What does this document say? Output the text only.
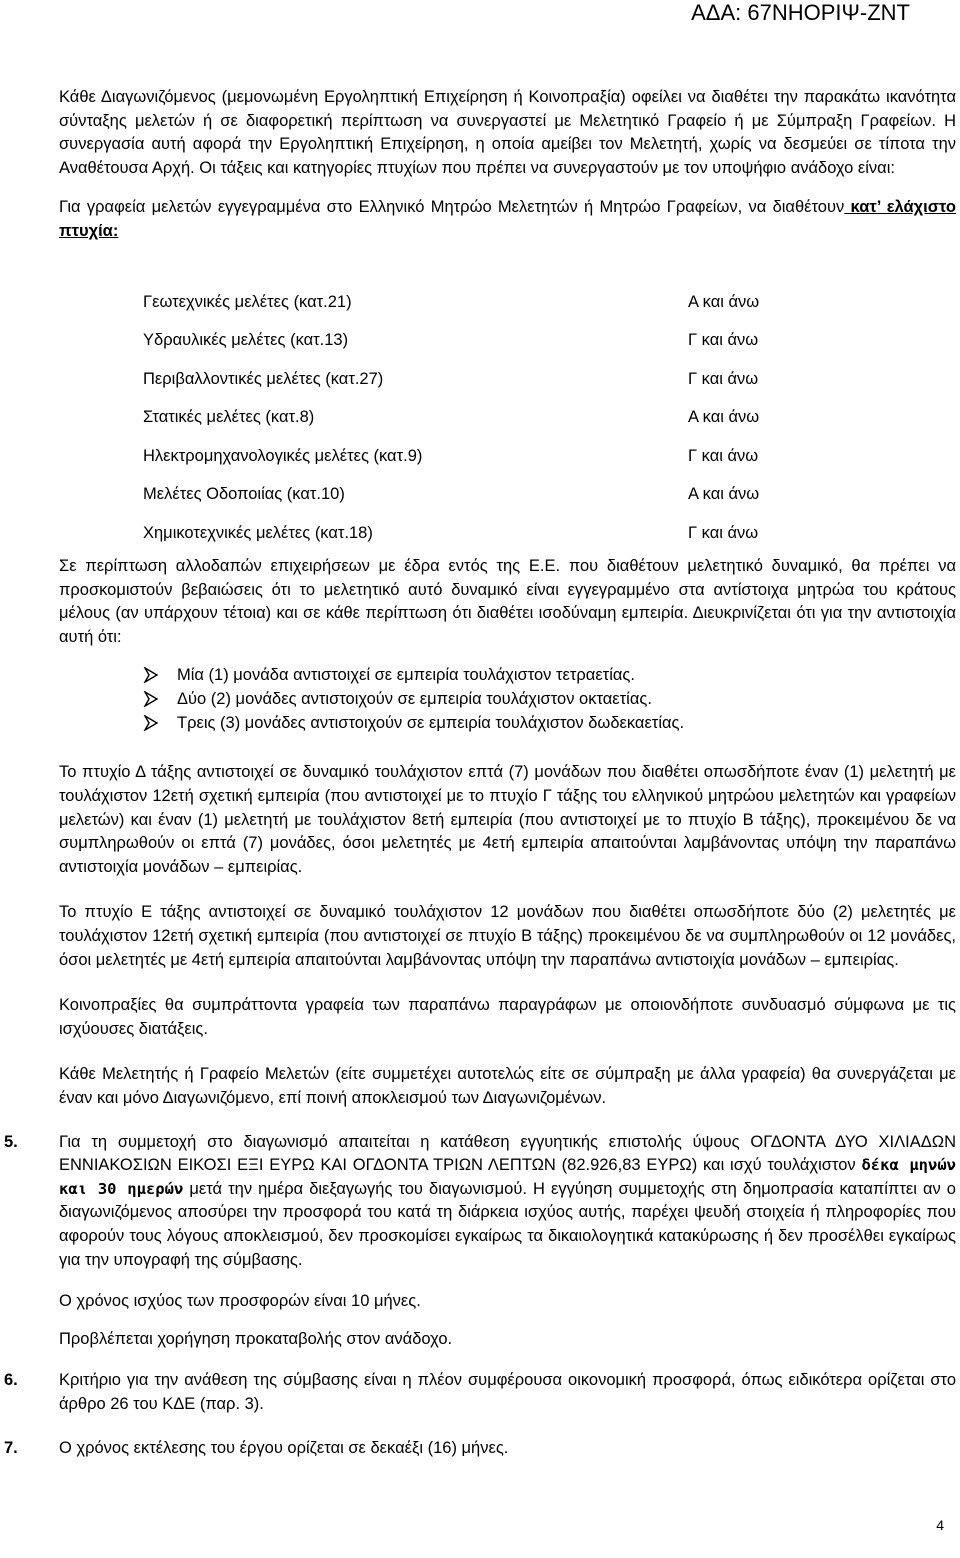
ΑΔΑ: 67ΝΗΟΡΙΨ-ΖΝΤ

Κάθε Διαγωνιζόμενος (μεμονωμένη Εργοληπτική Επιχείρηση ή Κοινοπραξία) οφείλει να διαθέτει την παρακάτω ικανότητα σύνταξης μελετών ή σε διαφορετική περίπτωση να συνεργαστεί με Μελετητικό Γραφείο ή με Σύμπραξη Γραφείων. Η συνεργασία αυτή αφορά την Εργοληπτική Επιχείρηση, η οποία αμείβει τον Μελετητή, χωρίς να δεσμεύει σε τίποτα την Αναθέτουσα Αρχή. Οι τάξεις και κατηγορίες πτυχίων που πρέπει να συνεργαστούν με τον υποψήφιο ανάδοχο είναι:

Για γραφεία μελετών εγγεγραμμένα στο Ελληνικό Μητρώο Μελετητών ή Μητρώο Γραφείων, να διαθέτουν κατ’ ελάχιστο πτυχία:

Γεωτεχνικές μελέτες (κατ.21)	Α και άνω
Υδραυλικές μελέτες (κατ.13)	Γ και άνω
Περιβαλλοντικές μελέτες (κατ.27)	Γ και άνω
Στατικές μελέτες (κατ.8)	Α και άνω
Ηλεκτρομηχανολογικές μελέτες (κατ.9)	Γ και άνω
Μελέτες Οδοποιίας (κατ.10)	Α και άνω
Χημικοτεχνικές μελέτες (κατ.18)	Γ και άνω

Σε περίπτωση αλλοδαπών επιχειρήσεων με έδρα εντός της Ε.Ε. που διαθέτουν μελετητικό δυναμικό, θα πρέπει να προσκομιστούν βεβαιώσεις ότι το μελετητικό αυτό δυναμικό είναι εγγεγραμμένο στα αντίστοιχα μητρώα του κράτους μέλους (αν υπάρχουν τέτοια) και σε κάθε περίπτωση ότι διαθέτει ισοδύναμη εμπειρία. Διευκρινίζεται ότι για την αντιστοιχία αυτή ότι:

Μία (1) μονάδα αντιστοιχεί σε εμπειρία τουλάχιστον τετραετίας.
Δύο (2) μονάδες αντιστοιχούν σε εμπειρία τουλάχιστον οκταετίας.
Τρεις (3) μονάδες αντιστοιχούν σε εμπειρία τουλάχιστον δωδεκαετίας.

Το πτυχίο Δ τάξης αντιστοιχεί σε δυναμικό τουλάχιστον επτά (7) μονάδων που διαθέτει οπωσδήποτε έναν (1) μελετητή με τουλάχιστον 12ετή σχετική εμπειρία (που αντιστοιχεί με το πτυχίο Γ τάξης του ελληνικού μητρώου μελετητών και γραφείων μελετών) και έναν (1) μελετητή με τουλάχιστον 8ετή εμπειρία (που αντιστοιχεί με το πτυχίο Β τάξης), προκειμένου δε να συμπληρωθούν οι επτά (7) μονάδες, όσοι μελετητές με 4ετή εμπειρία απαιτούνται λαμβάνοντας υπόψη την παραπάνω αντιστοιχία μονάδων – εμπειρίας.

Το πτυχίο Ε τάξης αντιστοιχεί σε δυναμικό τουλάχιστον 12 μονάδων που διαθέτει οπωσδήποτε δύο (2) μελετητές με τουλάχιστον 12ετή σχετική εμπειρία (που αντιστοιχεί σε πτυχίο Β τάξης) προκειμένου δε να συμπληρωθούν οι 12 μονάδες, όσοι μελετητές με 4ετή εμπειρία απαιτούνται λαμβάνοντας υπόψη την παραπάνω αντιστοιχία μονάδων – εμπειρίας.

Κοινοπραξίες θα συμπράττοντα γραφεία των παραπάνω παραγράφων με οποιονδήποτε συνδυασμό σύμφωνα με τις ισχύουσες διατάξεις.

Κάθε Μελετητής ή Γραφείο Μελετών (είτε συμμετέχει αυτοτελώς είτε σε σύμπραξη με άλλα γραφεία) θα συνεργάζεται με έναν και μόνο Διαγωνιζόμενο, επί ποινή αποκλεισμού των Διαγωνιζομένων.

5.	Για τη συμμετοχή στο διαγωνισμό απαιτείται η κατάθεση εγγυητικής επιστολής ύψους ΟΓΔΟΝΤΑ ΔΥΟ ΧΙΛΙΑΔΩΝ ΕΝΝΙΑΚΟΣΙΩΝ ΕΙΚΟΣΙ ΕΞΙ ΕΥΡΩ ΚΑΙ ΟΓΔΟΝΤΑ ΤΡΙΩΝ ΛΕΠΤΩΝ (82.926,83 ΕΥΡΩ) και ισχύ τουλάχιστον δέκα μηνών και 30 ημερών μετά την ημέρα διεξαγωγής του διαγωνισμού. Η εγγύηση συμμετοχής στη δημοπρασία καταπίπτει αν ο διαγωνιζόμενος αποσύρει την προσφορά του κατά τη διάρκεια ισχύος αυτής, παρέχει ψευδή στοιχεία ή πληροφορίες που αφορούν τους λόγους αποκλεισμού, δεν προσκομίσει εγκαίρως τα δικαιολογητικά κατακύρωσης ή δεν προσέλθει εγκαίρως για την υπογραφή της σύμβασης.

Ο χρόνος ισχύος των προσφορών είναι 10 μήνες.

Προβλέπεται χορήγηση προκαταβολής στον ανάδοχο.

6.	Κριτήριο για την ανάθεση της σύμβασης είναι η πλέον συμφέρουσα οικονομική προσφορά, όπως ειδικότερα ορίζεται στο άρθρο 26 του ΚΔΕ (παρ. 3).

7.	Ο χρόνος εκτέλεσης του έργου ορίζεται σε δεκαέξι (16) μήνες.

4
